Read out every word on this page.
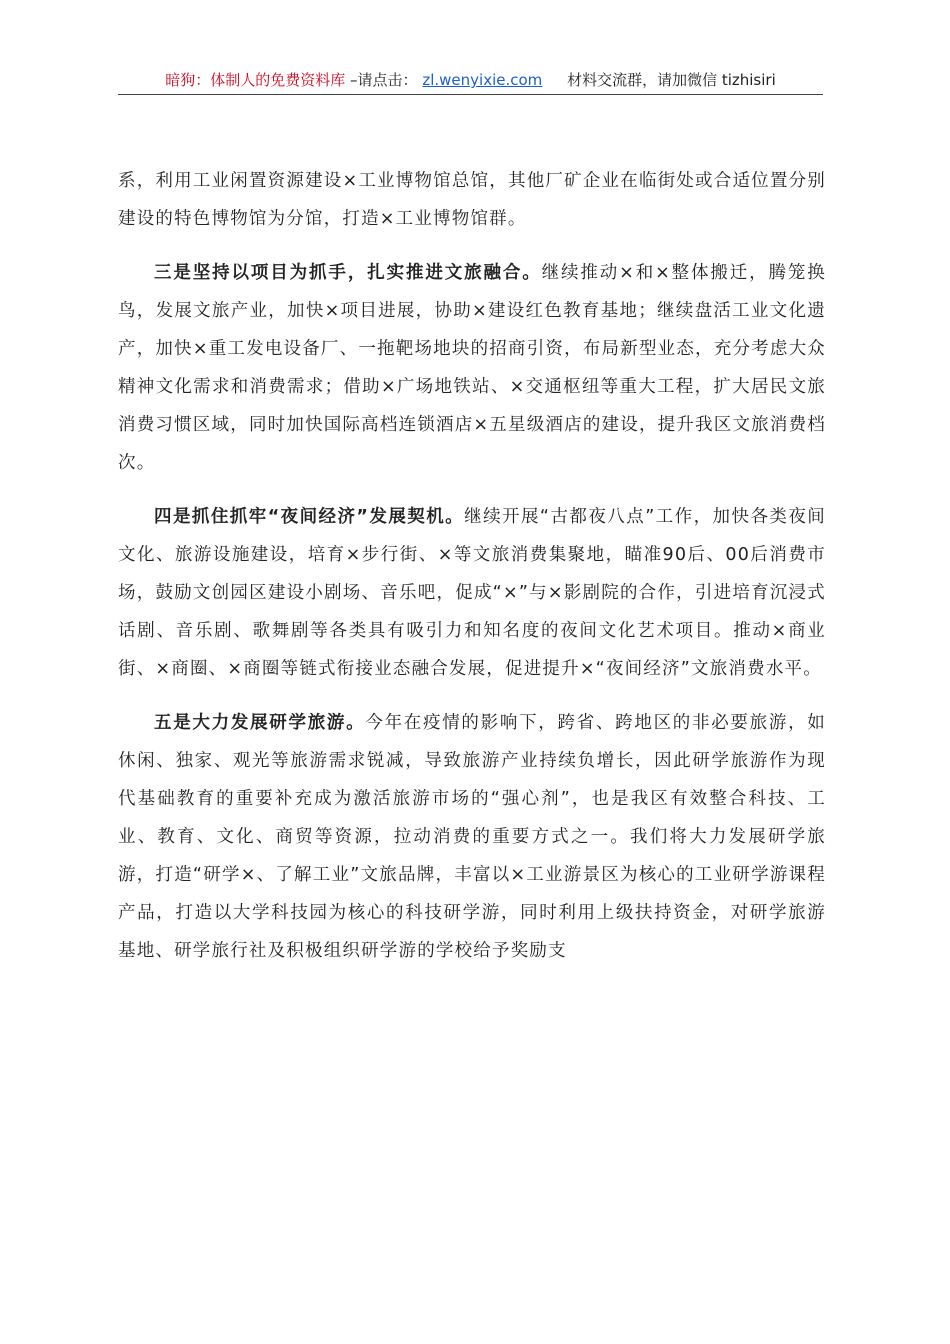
暗狗：体制人的免费资料库 –请点击： zl.wenyixie.com 材料交流群，请加微信 tizhisiri

系，利用工业闲置资源建设×工业博物馆总馆，其他厂矿企业在临街处或合适位置分别建设的特色博物馆为分馆，打造×工业博物馆群。

三是坚持以项目为抓手，扎实推进文旅融合。继续推动×和×整体搬迁，腾笼换鸟，发展文旅产业，加快×项目进展，协助×建设红色教育基地；继续盘活工业文化遗产，加快×重工发电设备厂、一拖靶场地块的招商引资，布局新型业态，充分考虑大众精神文化需求和消费需求；借助×广场地铁站、×交通枢纽等重大工程，扩大居民文旅消费习惯区域，同时加快国际高档连锁酒店×五星级酒店的建设，提升我区文旅消费档次。

四是抓住抓牢“夜间经济”发展契机。继续开展“古都夜八点”工作，加快各类夜间文化、旅游设施建设，培育×步行街、×等文旅消费集聚地，瞄准90后、00后消费市场，鼓励文创园区建设小剧场、音乐吧，促成“×”与×影剧院的合作，引进培育沉浸式话剧、音乐剧、歌舞剧等各类具有吸引力和知名度的夜间文化艺术项目。推动×商业街、×商圈、×商圈等链式衔接业态融合发展，促进提升×“夜间经济”文旅消费水平。

五是大力发展研学旅游。今年在疫情的影响下，跨省、跨地区的非必要旅游，如休闲、独家、观光等旅游需求锐减，导致旅游产业持续负增长，因此研学旅游作为现代基础教育的重要补充成为激活旅游市场的“强心剂”，也是我区有效整合科技、工业、教育、文化、商贸等资源，拉动消费的重要方式之一。我们将大力发展研学旅游，打造“研学×、了解工业”文旅品牌，丰富以×工业游景区为核心的工业研学游课程产品，打造以大学科技园为核心的科技研学游，同时利用上级扶持资金，对研学旅游基地、研学旅行社及积极组织研学游的学校给予奖励支
